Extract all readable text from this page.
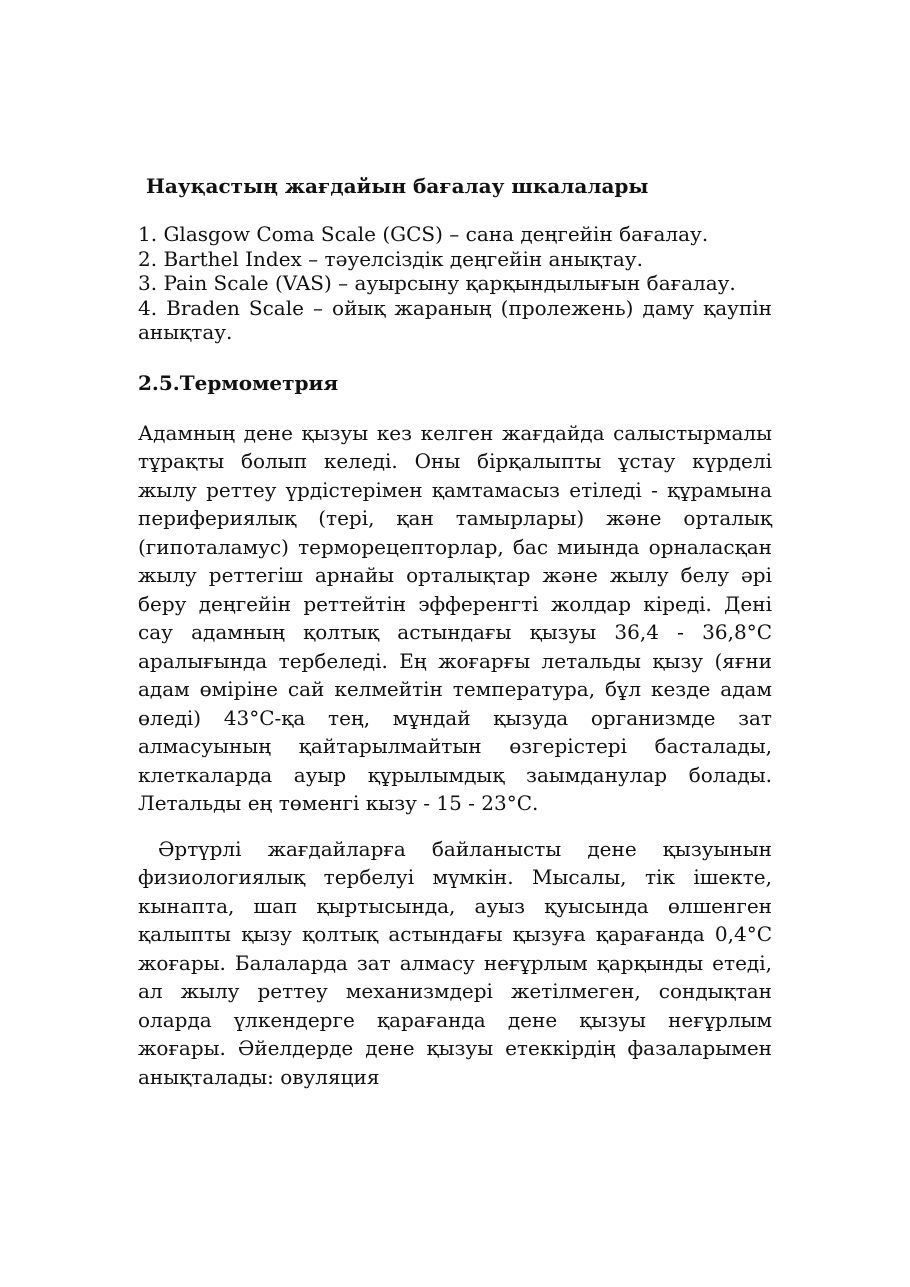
Науқастың жағдайын бағалау шкалалары
1. Glasgow Coma Scale (GCS) – сана деңгейін бағалау.
2. Barthel Index – тәуелсіздік деңгейін анықтау.
3. Pain Scale (VAS) – ауырсыну қарқындылығын бағалау.
4. Braden Scale – ойық жараның (пролежень) даму қаупін анықтау.
2.5.Термометрия

Адамның дене қызуы кез келген жағдайда салыстырмалы тұрақты болып келеді. Оны бірқалыпты ұстау күрделі жылу реттеу үрдістерімен қамтамасыз етіледі - құрамына перифериялық (тері, қан тамырлары) және орталық (гипоталамус) терморецепторлар, бас миында орналасқан жылу реттегіш арнайы орталықтар және жылу белу әрі беру деңгейін реттейтін эфференгті жолдар кіреді. Дені сау адамның қолтық астындағы қызуы 36,4 - 36,8°С аралығында тербеледі. Ең жоғарғы летальды қызу (яғни адам өміріне сай келмейтін температура, бұл кезде адам өледі) 43°С-қа тең, мұндай қызуда организмде зат алмасуының қайтарылмайтын өзгерістері басталады, клеткаларда ауыр құрылымдық заымданулар болады. Летальды ең төменгі кызу - 15 - 23°С.

Әртүрлі жағдайларға байланысты дене қызуынын физиологиялық тербелуі мүмкін. Мысалы, тік ішекте, кынапта, шап қыртысында, ауыз қуысында өлшенген қалыпты қызу қолтық астындағы қызуға қарағанда 0,4°С жоғары. Балаларда зат алмасу неғұрлым қарқынды етеді, ал жылу реттеу механизмдері жетілмеген, сондықтан оларда үлкендерге қарағанда дене қызуы неғұрлым жоғары. Әйелдерде дене қызуы етеккірдің фазаларымен анықталады: овуляция
